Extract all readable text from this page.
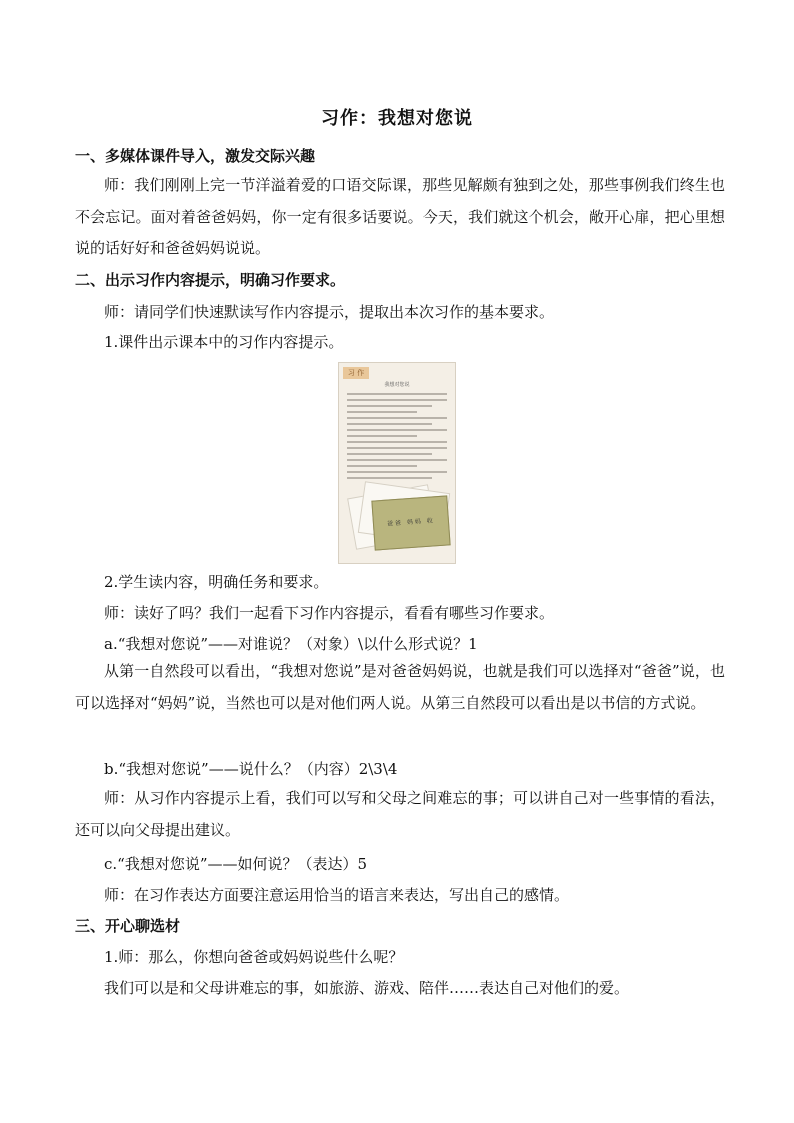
习作：我想对您说
一、多媒体课件导入，激发交际兴趣

师：我们刚刚上完一节洋溢着爱的口语交际课，那些见解颇有独到之处，那些事例我们终生也不会忘记。面对着爸爸妈妈，你一定有很多话要说。今天，我们就这个机会，敞开心扉，把心里想说的话好好和爸爸妈妈说说。

二、出示习作内容提示，明确习作要求。
师：请同学们快速默读写作内容提示，提取出本次习作的基本要求。
1.课件出示课本中的习作内容提示。
习 作
我想对您说
爸爸 妈妈 收
2.学生读内容，明确任务和要求。
师：读好了吗？我们一起看下习作内容提示，看看有哪些习作要求。
a.“我想对您说”——对谁说？（对象）\以什么形式说？1

从第一自然段可以看出，“我想对您说”是对爸爸妈妈说，也就是我们可以选择对“爸爸”说，也可以选择对“妈妈”说，当然也可以是对他们两人说。从第三自然段可以看出是以书信的方式说。

b.“我想对您说”——说什么？（内容）2\3\4

师：从习作内容提示上看，我们可以写和父母之间难忘的事；可以讲自己对一些事情的看法，还可以向父母提出建议。

c.“我想对您说”——如何说？（表达）5
师：在习作表达方面要注意运用恰当的语言来表达，写出自己的感情。
三、开心聊选材
1.师：那么，你想向爸爸或妈妈说些什么呢？
我们可以是和父母讲难忘的事，如旅游、游戏、陪伴……表达自己对他们的爱。
